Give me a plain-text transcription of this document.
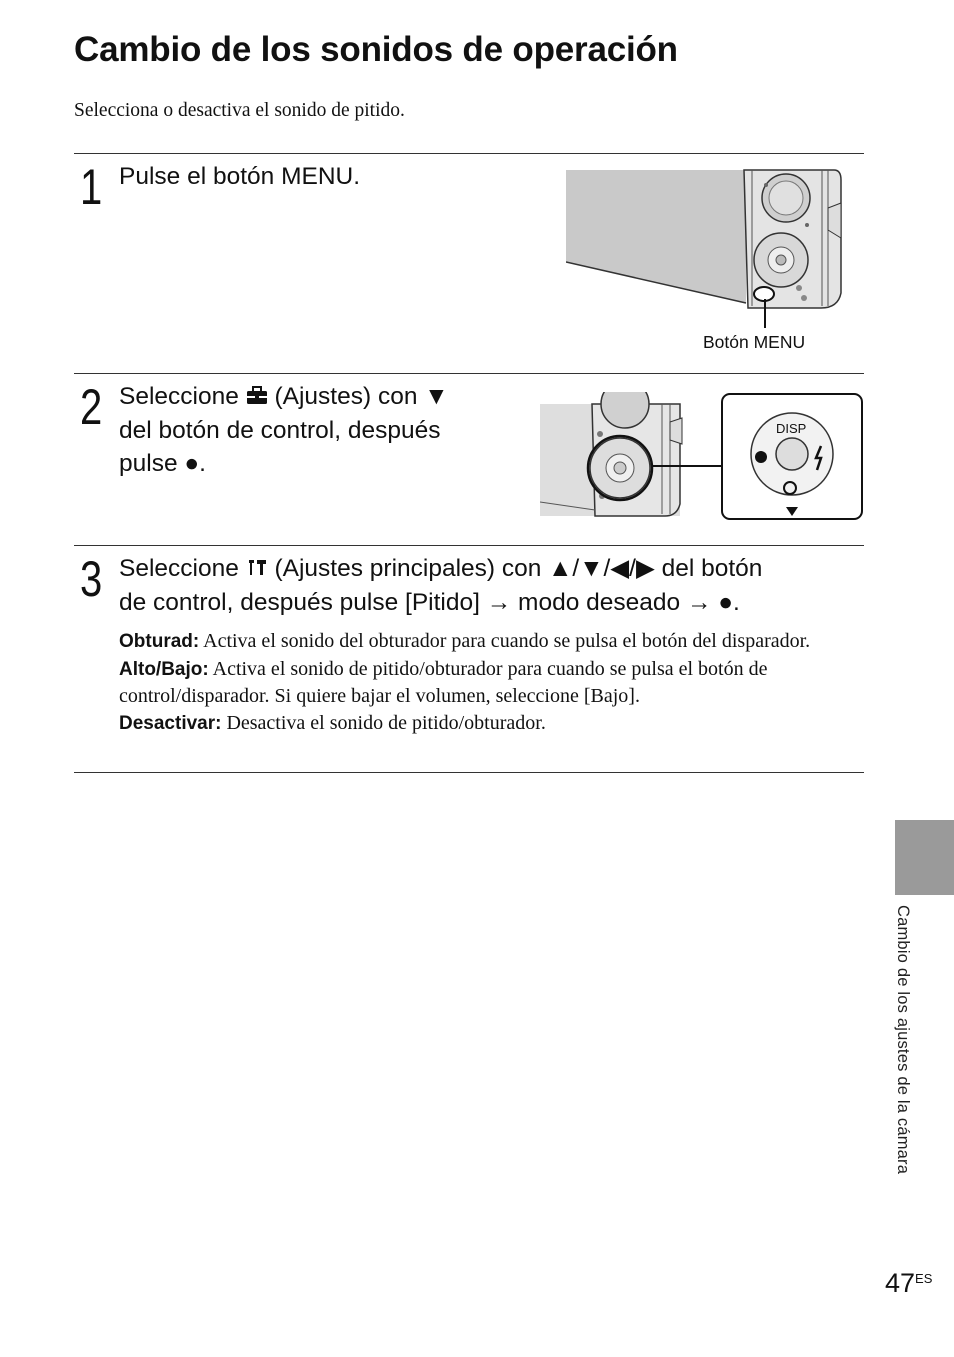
Cambio de los sonidos de operación
Selecciona o desactiva el sonido de pitido.
1 Pulse el botón MENU.
Botón MENU
2 Seleccione (Ajustes) con ▼
del botón de control, después
pulse ●.
DISP
3 Seleccione (Ajustes principales) con ▲/▼/◀/▶ del botón
de control, después pulse [Pitido] → modo deseado → ●.

Obturad: Activa el sonido del obturador para cuando se pulsa el botón del disparador.

Alto/Bajo: Activa el sonido de pitido/obturador para cuando se pulsa el botón de control/disparador. Si quiere bajar el volumen, seleccione [Bajo].

Desactivar: Desactiva el sonido de pitido/obturador.

Cambio de los ajustes de la cámara
$47^{ES}$
